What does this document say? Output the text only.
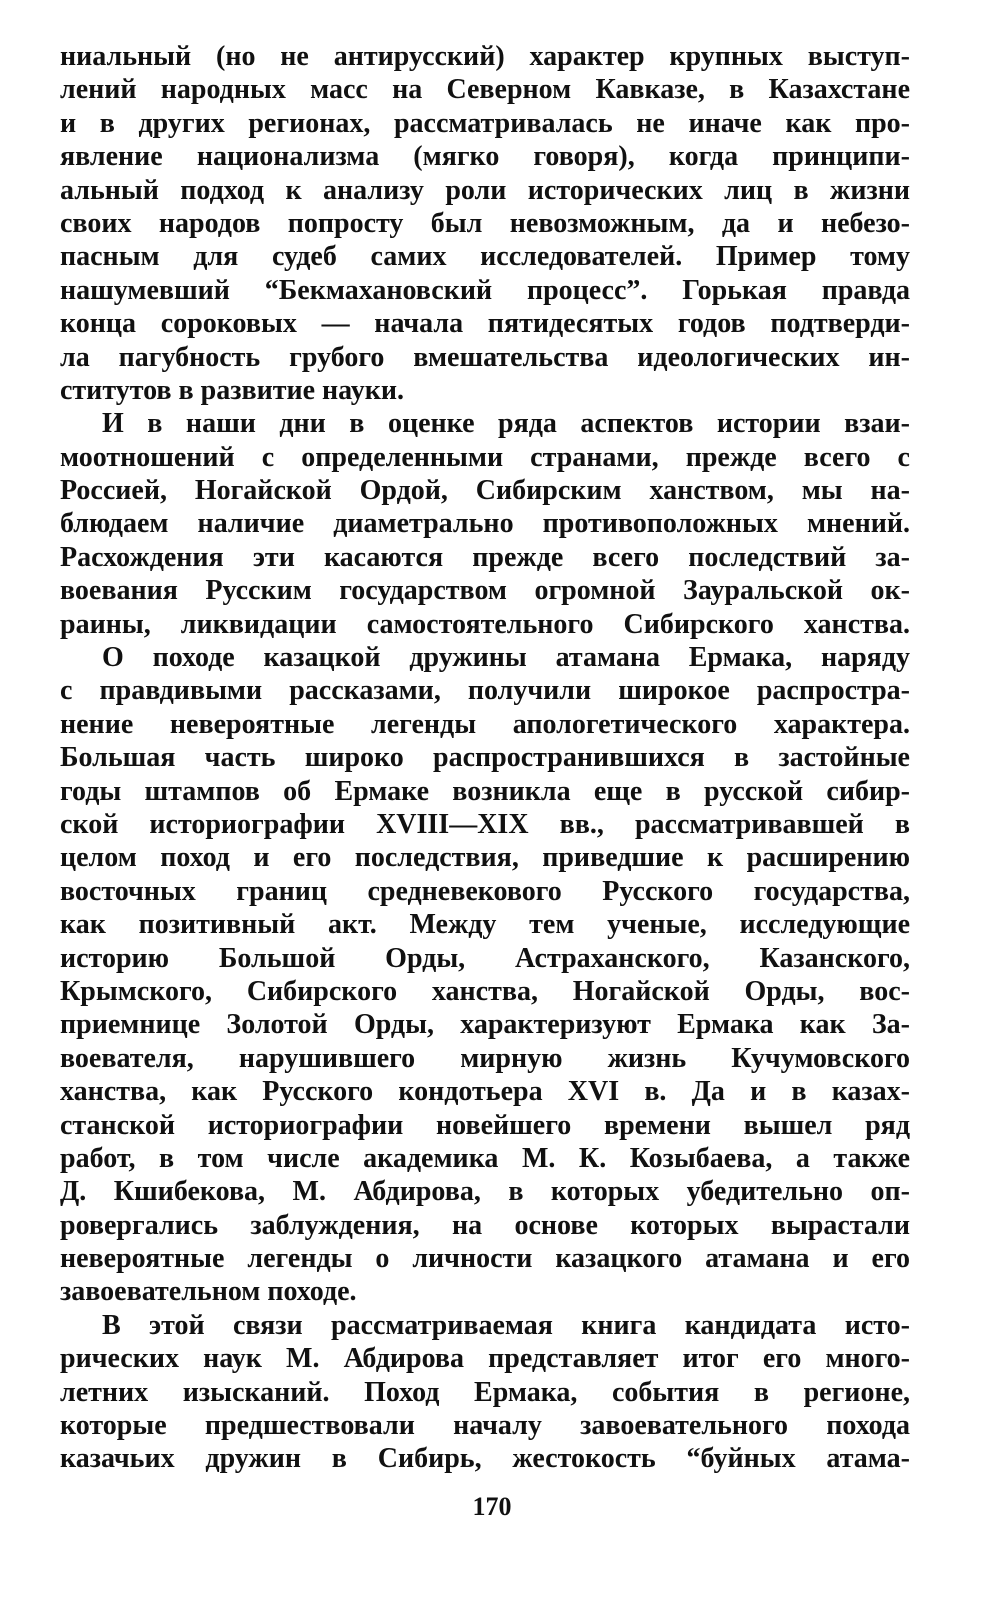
ниальный (но не антирусский) характер крупных выступ-
лений народных масс на Северном Кавказе, в Казахстане
и в других регионах, рассматривалась не иначе как про-
явление национализма (мягко говоря), когда принципи-
альный подход к анализу роли исторических лиц в жизни
своих народов попросту был невозможным, да и небезо-
пасным для судеб самих исследователей. Пример тому
нашумевший “Бекмахановский процесс”. Горькая правда
конца сороковых — начала пятидесятых годов подтверди-
ла пагубность грубого вмешательства идеологических ин-
ститутов в развитие науки.
И в наши дни в оценке ряда аспектов истории взаи-
моотношений с определенными странами, прежде всего с
Россией, Ногайской Ордой, Сибирским ханством, мы на-
блюдаем наличие диаметрально противоположных мнений.
Расхождения эти касаются прежде всего последствий за-
воевания Русским государством огромной Зауральской ок-
раины, ликвидации самостоятельного Сибирского ханства.
О походе казацкой дружины атамана Ермака, наряду
с правдивыми рассказами, получили широкое распростра-
нение невероятные легенды апологетического характера.
Большая часть широко распространившихся в застойные
годы штампов об Ермаке возникла еще в русской сибир-
ской историографии XVIII—XIX вв., рассматривавшей в
целом поход и его последствия, приведшие к расширению
восточных границ средневекового Русского государства,
как позитивный акт. Между тем ученые, исследующие
историю Большой Орды, Астраханского, Казанского,
Крымского, Сибирского ханства, Ногайской Орды, вос-
приемнице Золотой Орды, характеризуют Ермака как За-
воевателя, нарушившего мирную жизнь Кучумовского
ханства, как Русского кондотьера XVI в. Да и в казах-
станской историографии новейшего времени вышел ряд
работ, в том числе академика М. К. Козыбаева, а также
Д. Кшибекова, М. Абдирова, в которых убедительно оп-
ровергались заблуждения, на основе которых вырастали
невероятные легенды о личности казацкого атамана и его
завоевательном походе.
В этой связи рассматриваемая книга кандидата исто-
рических наук М. Абдирова представляет итог его много-
летних изысканий. Поход Ермака, события в регионе,
которые предшествовали началу завоевательного похода
казачьих дружин в Сибирь, жестокость “буйных атама-
170
